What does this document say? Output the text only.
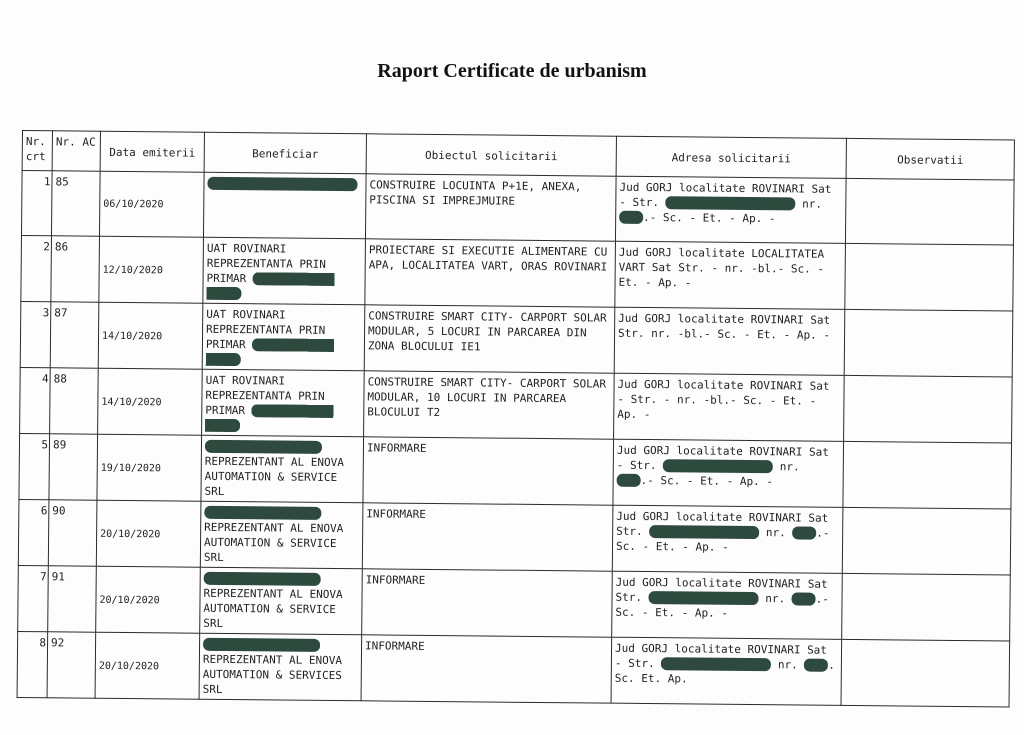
Raport Certificate de urbanism
Nr. crt	Nr. AC	Data emiterii	Beneficiar	Obiectul solicitarii	Adresa solicitarii	Observatii
1	85	06/10/2020	DUMITRASCU PAUL LUCIAN	CONSTRUIRE LOCUINTA P+1E, ANEXA, PISCINA SI IMPREJMUIRE	Jud GORJ localitate ROVINARI Sat - Str. ALEEA TRANDAFIRILOR nr. 1bl .- Sc. - Et. - Ap. -	
2	86	12/10/2020	UAT ROVINARI REPREZENTANTA PRIN PRIMAR FILIP ROBERT DORIN	PROIECTARE SI EXECUTIE ALIMENTARE CU APA, LOCALITATEA VART, ORAS ROVINARI	Jud GORJ localitate LOCALITATEA VART Sat Str. - nr. -bl.- Sc. - Et. - Ap. -	
3	87	14/10/2020	UAT ROVINARI REPREZENTANTA PRIN PRIMAR FILIP ROBERT DORIN	CONSTRUIRE SMART CITY- CARPORT SOLAR MODULAR, 5 LOCURI IN PARCAREA DIN ZONA BLOCULUI IE1	Jud GORJ localitate ROVINARI Sat Str. nr. -bl.- Sc. - Et. - Ap. -	
4	88	14/10/2020	UAT ROVINARI REPREZENTANTA PRIN PRIMAR FILIP ROBERT DORIN	CONSTRUIRE SMART CITY- CARPORT SOLAR MODULAR, 10 LOCURI IN PARCAREA BLOCULUI T2	Jud GORJ localitate ROVINARI Sat - Str. - nr. -bl.- Sc. - Et. - Ap. -	
5	89	19/10/2020	DUMITRASCU MARIUS REPREZENTANT AL ENOVA AUTOMATION & SERVICE SRL	INFORMARE	Jud GORJ localitate ROVINARI Sat - Str. ENERGETICIANULUI nr. 1bl .- Sc. - Et. - Ap. -	
6	90	20/10/2020	DUMITRASCU MARIUS REPREZENTANT AL ENOVA AUTOMATION & SERVICE SRL	INFORMARE	Jud GORJ localitate ROVINARI Sat Str. ENERGETICIANULUI nr. 1bl .- Sc. - Et. - Ap. -	
7	91	20/10/2020	DUMITRASCU MARIUS REPREZENTANT AL ENOVA AUTOMATION & SERVICE SRL	INFORMARE	Jud GORJ localitate ROVINARI Sat Str. ENERGETICIANULUI nr. 1bl .- Sc. - Et. - Ap. -	
8	92	20/10/2020	DUMITRASCU MARIUS REPREZENTANT AL ENOVA AUTOMATION & SERVICES SRL	INFORMARE	Jud GORJ localitate ROVINARI Sat - Str. ENERGETICIANULUI nr. 1bl . Sc. Et. Ap.	
